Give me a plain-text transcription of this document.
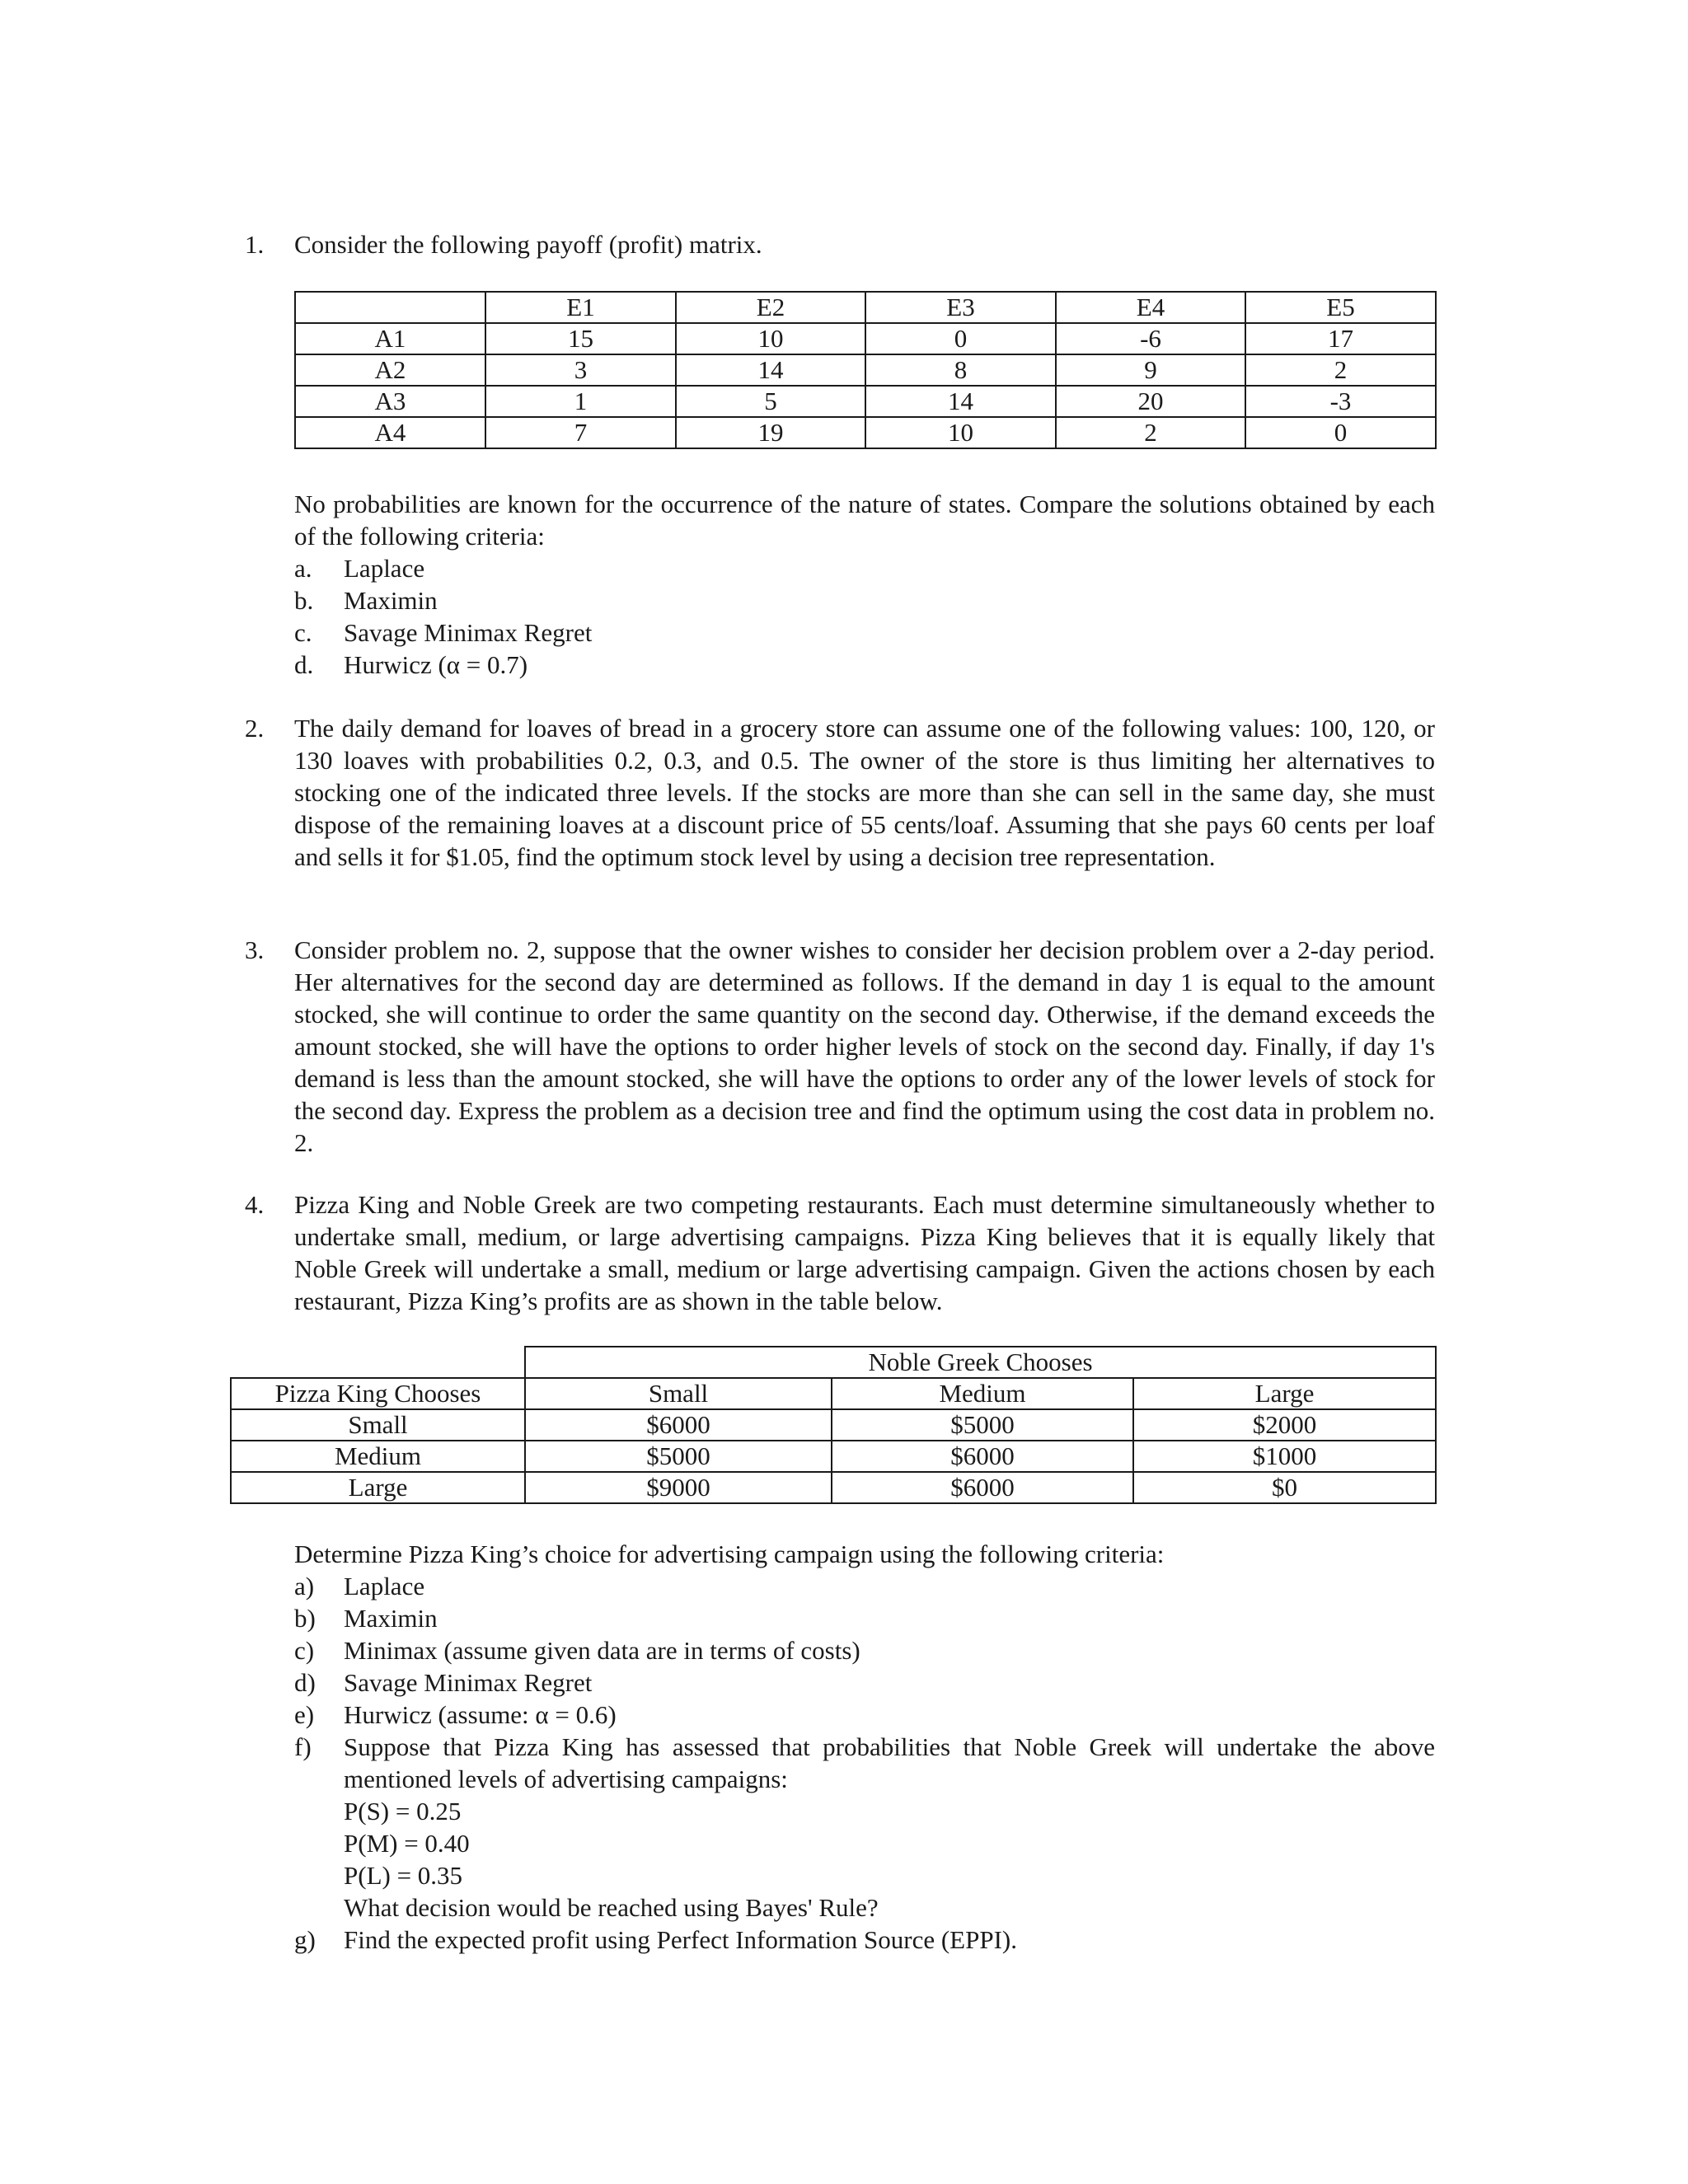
1. Consider the following payoff (profit) matrix.
	E1	E2	E3	E4	E5
A1	15	10	0	-6	17
A2	3	14	8	9	2
A3	1	5	14	20	-3
A4	7	19	10	2	0
No probabilities are known for the occurrence of the nature of states. Compare the solutions obtained by each of the following criteria:
a. Laplace
b. Maximin
c. Savage Minimax Regret
d. Hurwicz (α = 0.7)
2. The daily demand for loaves of bread in a grocery store can assume one of the following values: 100, 120, or 130 loaves with probabilities 0.2, 0.3, and 0.5. The owner of the store is thus limiting her alternatives to stocking one of the indicated three levels. If the stocks are more than she can sell in the same day, she must dispose of the remaining loaves at a discount price of 55 cents/loaf. Assuming that she pays 60 cents per loaf and sells it for $1.05, find the optimum stock level by using a decision tree representation.
3. Consider problem no. 2, suppose that the owner wishes to consider her decision problem over a 2-day period. Her alternatives for the second day are determined as follows. If the demand in day 1 is equal to the amount stocked, she will continue to order the same quantity on the second day. Otherwise, if the demand exceeds the amount stocked, she will have the options to order higher levels of stock on the second day. Finally, if day 1's demand is less than the amount stocked, she will have the options to order any of the lower levels of stock for the second day. Express the problem as a decision tree and find the optimum using the cost data in problem no. 2.
4. Pizza King and Noble Greek are two competing restaurants. Each must determine simultaneously whether to undertake small, medium, or large advertising campaigns. Pizza King believes that it is equally likely that Noble Greek will undertake a small, medium or large advertising campaign. Given the actions chosen by each restaurant, Pizza King’s profits are as shown in the table below.
	Noble Greek Chooses		
Pizza King Chooses	Small	Medium	Large
Small	$6000	$5000	$2000
Medium	$5000	$6000	$1000
Large	$9000	$6000	$0
Determine Pizza King’s choice for advertising campaign using the following criteria:
a) Laplace
b) Maximin
c) Minimax (assume given data are in terms of costs)
d) Savage Minimax Regret
e) Hurwicz (assume: α = 0.6)
f) Suppose that Pizza King has assessed that probabilities that Noble Greek will undertake the above mentioned levels of advertising campaigns:
P(S) = 0.25
P(M) = 0.40
P(L) = 0.35
What decision would be reached using Bayes' Rule?
g) Find the expected profit using Perfect Information Source (EPPI).
